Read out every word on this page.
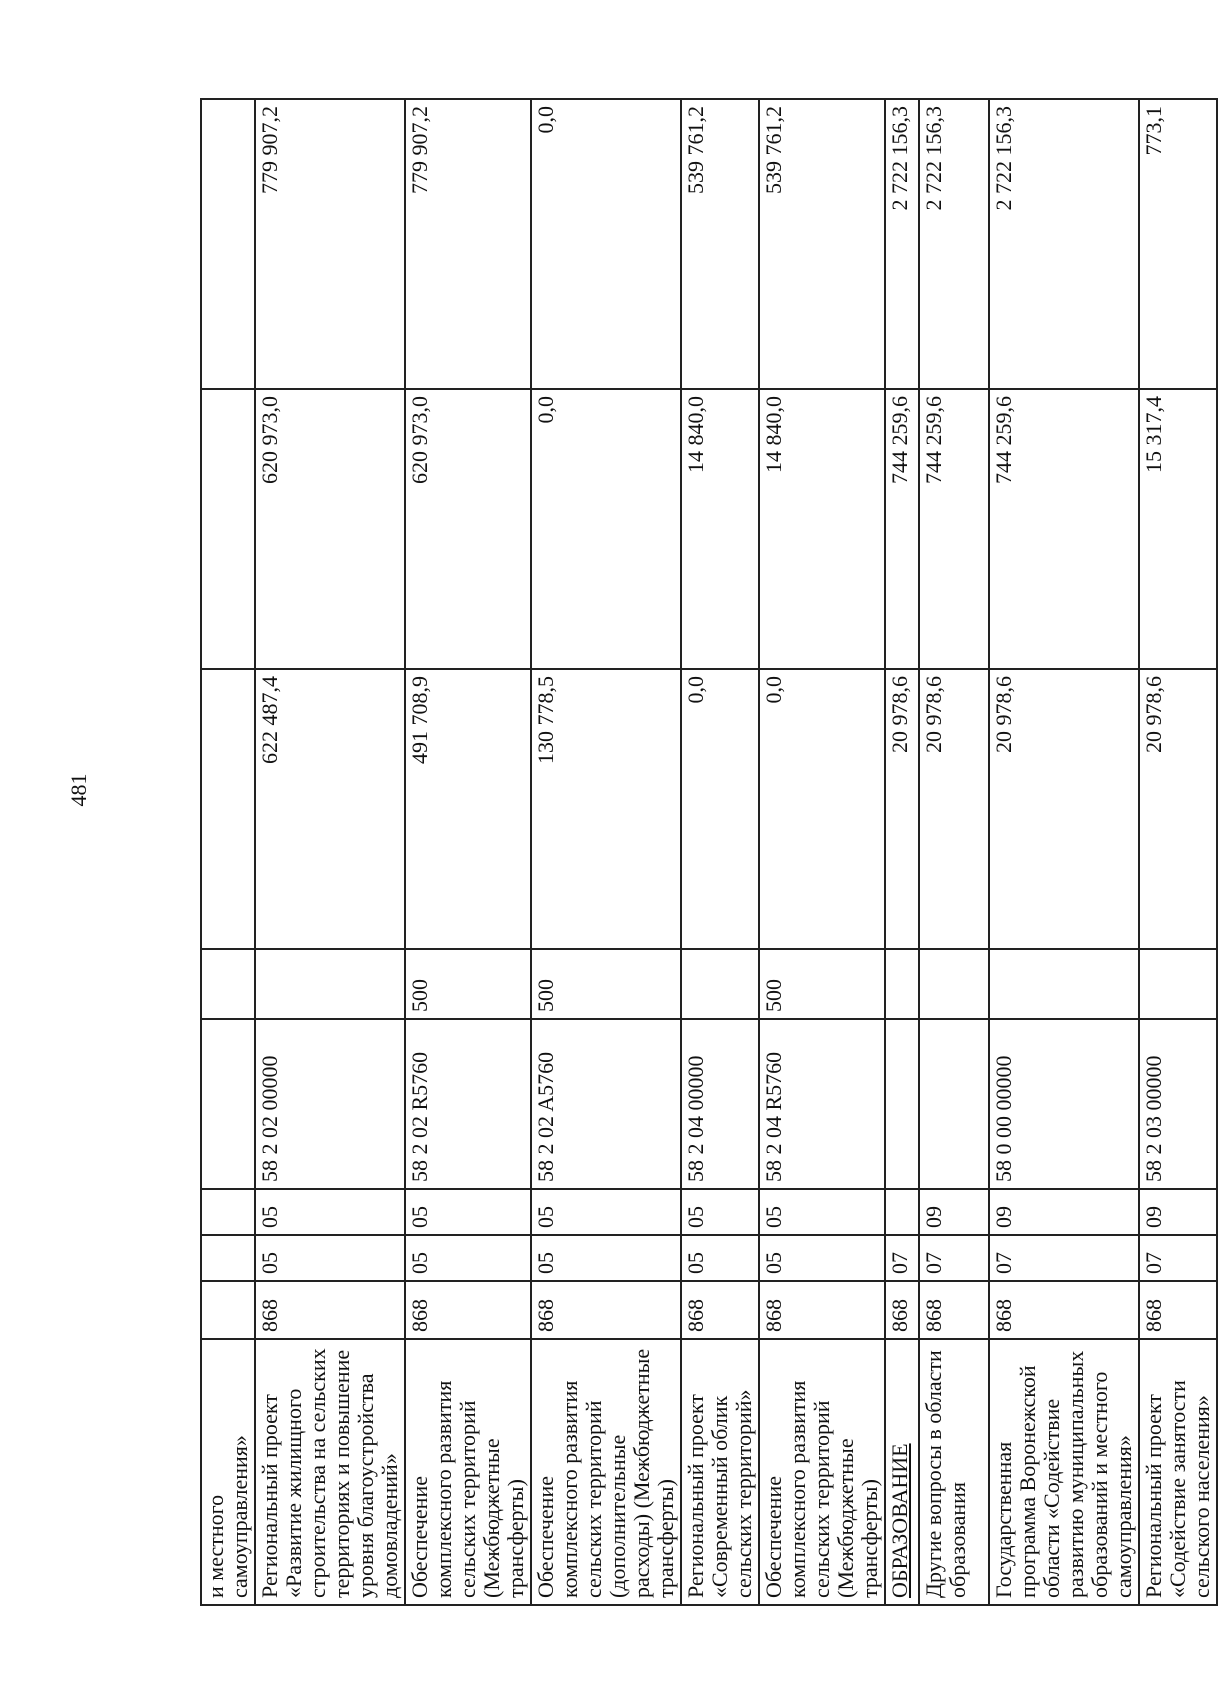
481
и местного самоуправления»								
Региональный проект «Развитие жилищного строительства на сельских территориях и повышение уровня благоустройства домовладений»	868	05	05	58 2 02 00000		622 487,4	620 973,0	779 907,2
Обеспечение комплексного развития сельских территорий (Межбюджетные трансферты)	868	05	05	58 2 02 R5760	500	491 708,9	620 973,0	779 907,2
Обеспечение комплексного развития сельских территорий (дополнительные расходы) (Межбюджетные трансферты)	868	05	05	58 2 02 A5760	500	130 778,5	0,0	0,0
Региональный проект «Современный облик сельских территорий»	868	05	05	58 2 04 00000		0,0	14 840,0	539 761,2
Обеспечение комплексного развития сельских территорий (Межбюджетные трансферты)	868	05	05	58 2 04 R5760	500	0,0	14 840,0	539 761,2
ОБРАЗОВАНИЕ	868	07				20 978,6	744 259,6	2 722 156,3
Другие вопросы в области образования	868	07	09			20 978,6	744 259,6	2 722 156,3
Государственная программа Воронежской области «Содействие развитию муниципальных образований и местного самоуправления»	868	07	09	58 0 00 00000		20 978,6	744 259,6	2 722 156,3
Региональный проект «Содействие занятости сельского населения»	868	07	09	58 2 03 00000		20 978,6	15 317,4	773,1
